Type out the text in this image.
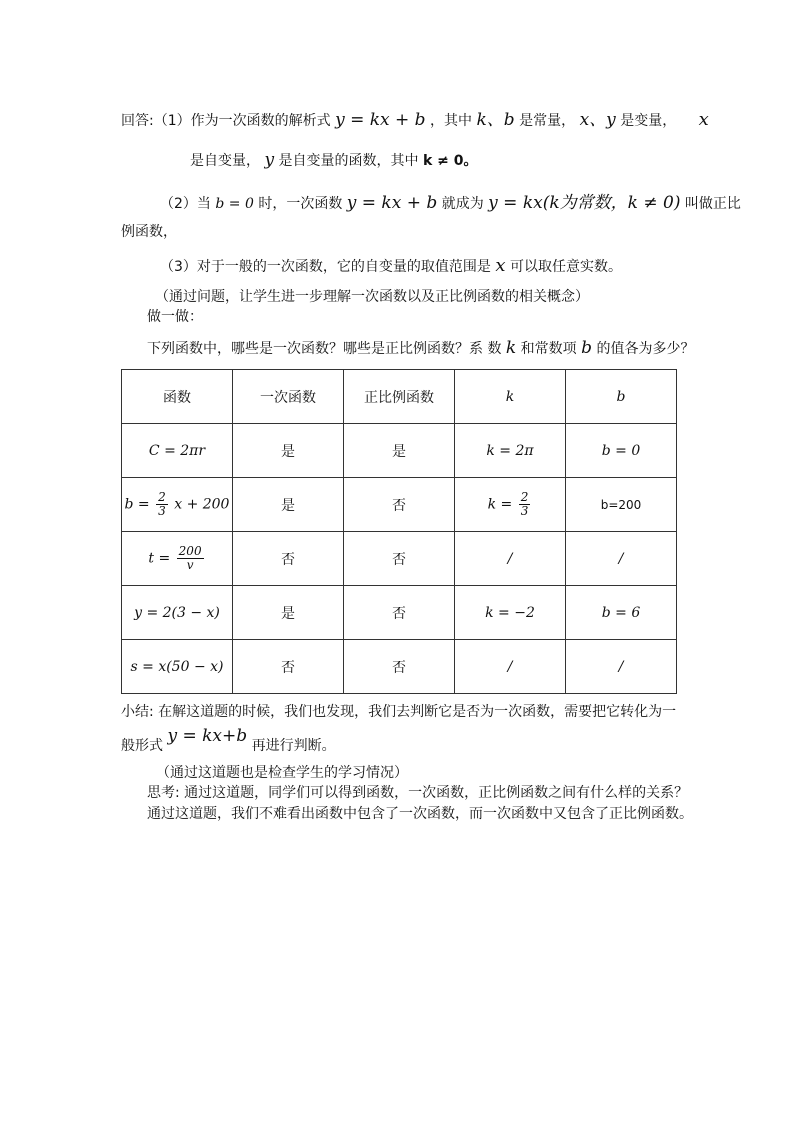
回答:（1）作为一次函数的解析式 y = kx + b ，其中 k、b 是常量， x、y 是变量， x
是自变量， y 是自变量的函数，其中 k ≠ 0。
（2）当 b = 0 时，一次函数 y = kx + b 就成为 y = kx(k为常数，k ≠ 0) 叫做正比
例函数，
（3）对于一般的一次函数，它的自变量的取值范围是 x 可以取任意实数。
（通过问题，让学生进一步理解一次函数以及正比例函数的相关概念）
做一做：
下列函数中，哪些是一次函数？哪些是正比例函数？系 数 k 和常数项 b 的值各为多少？
函数	一次函数	正比例函数	k	b
C = 2πr	是	是	k = 2π	b = 0
$b = \frac{2}{3}$ x + 200	是	否	$k = \frac{2}{3}$	b=200
$t = \frac{200}{v}$	否	否	/	/
y = 2(3 − x)	是	否	k = −2	b = 6
s = x(50 − x)	否	否	/	/
小结: 在解这道题的时候，我们也发现，我们去判断它是否为一次函数，需要把它转化为一
般形式 y = kx+b 再进行判断。
（通过这道题也是检查学生的学习情况）
思考: 通过这道题，同学们可以得到函数，一次函数，正比例函数之间有什么样的关系？
通过这道题，我们不难看出函数中包含了一次函数，而一次函数中又包含了正比例函数。
